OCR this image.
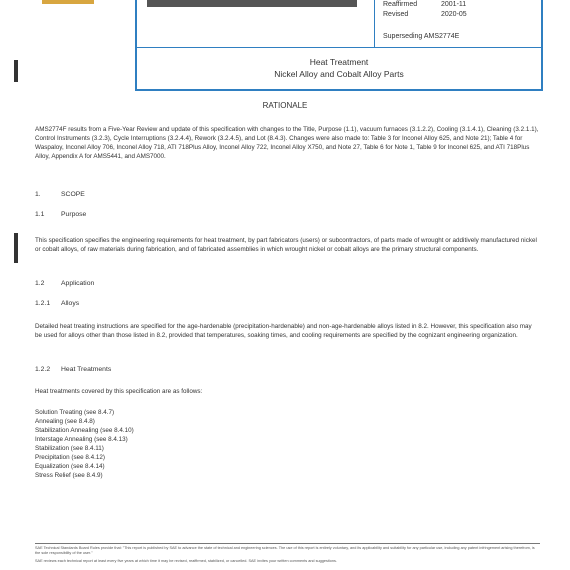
Reaffirmed	2001-11
Revised	2020-05
Superseding AMS2774E
Heat Treatment
Nickel Alloy and Cobalt Alloy Parts
RATIONALE

AMS2774F results from a Five-Year Review and update of this specification with changes to the Title, Purpose (1.1), vacuum furnaces (3.1.2.2), Cooling (3.1.4.1), Cleaning (3.2.1.1), Control Instruments (3.2.3), Cycle Interruptions (3.2.4.4), Rework (3.2.4.5), and Lot (8.4.3). Changes were also made to: Table 3 for Inconel Alloy 625, and Note 21); Table 4 for Waspaloy, Inconel Alloy 706, Inconel Alloy 718, ATI 718Plus Alloy, Inconel Alloy 722, Inconel Alloy X750, and Note 27, Table 6 for Note 1, Table 9 for Inconel 625, and ATI 718Plus Alloy, Appendix A for AMS5441, and AMS7000.

1.	SCOPE
1.1 Purpose

This specification specifies the engineering requirements for heat treatment, by part fabricators (users) or subcontractors, of parts made of wrought or additively manufactured nickel or cobalt alloys, of raw materials during fabrication, and of fabricated assemblies in which wrought nickel or cobalt alloys are the primary structural components.

1.2 Application
1.2.1 Alloys

Detailed heat treating instructions are specified for the age-hardenable (precipitation-hardenable) and non-age-hardenable alloys listed in 8.2. However, this specification also may be used for alloys other than those listed in 8.2, provided that temperatures, soaking times, and cooling requirements are specified by the cognizant engineering organization.

1.2.2 Heat Treatments

Heat treatments covered by this specification are as follows:

Solution Treating (see 8.4.7)
Annealing (see 8.4.8)
Stabilization Annealing (see 8.4.10)
Interstage Annealing (see 8.4.13)
Stabilization (see 8.4.11)
Precipitation (see 8.4.12)
Equalization (see 8.4.14)
Stress Relief (see 8.4.9)

SAE Technical Standards Board Rules provide that: "This report is published by SAE to advance the state of technical and engineering sciences. The use of this report is entirely voluntary, and its applicability and suitability for any particular use, including any patent infringement arising therefrom, is the sole responsibility of the user."

SAE reviews each technical report at least every five years at which time it may be revised, reaffirmed, stabilized, or cancelled. SAE invites your written comments and suggestions.
